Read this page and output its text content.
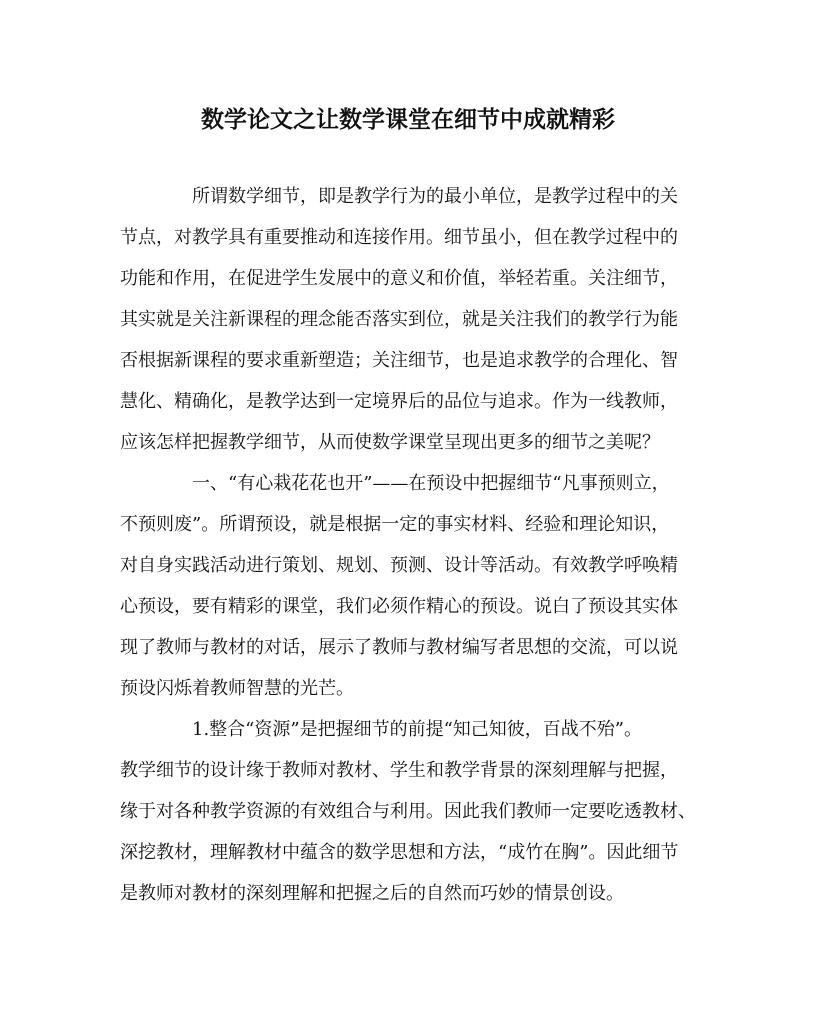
数学论文之让数学课堂在细节中成就精彩
所谓数学细节，即是教学行为的最小单位，是教学过程中的关
节点，对教学具有重要推动和连接作用。细节虽小，但在教学过程中的
功能和作用，在促进学生发展中的意义和价值，举轻若重。关注细节，
其实就是关注新课程的理念能否落实到位，就是关注我们的教学行为能
否根据新课程的要求重新塑造；关注细节，也是追求教学的合理化、智
慧化、精确化，是教学达到一定境界后的品位与追求。作为一线教师，
应该怎样把握教学细节，从而使数学课堂呈现出更多的细节之美呢？
一、“有心栽花花也开”——在预设中把握细节“凡事预则立，
不预则废”。所谓预设，就是根据一定的事实材料、经验和理论知识，
对自身实践活动进行策划、规划、预测、设计等活动。有效教学呼唤精
心预设，要有精彩的课堂，我们必须作精心的预设。说白了预设其实体
现了教师与教材的对话，展示了教师与教材编写者思想的交流，可以说
预设闪烁着教师智慧的光芒。
1.整合“资源”是把握细节的前提“知己知彼，百战不殆”。
教学细节的设计缘于教师对教材、学生和教学背景的深刻理解与把握，
缘于对各种教学资源的有效组合与利用。因此我们教师一定要吃透教材、
深挖教材，理解教材中蕴含的数学思想和方法，“成竹在胸”。因此细节
是教师对教材的深刻理解和把握之后的自然而巧妙的情景创设。
